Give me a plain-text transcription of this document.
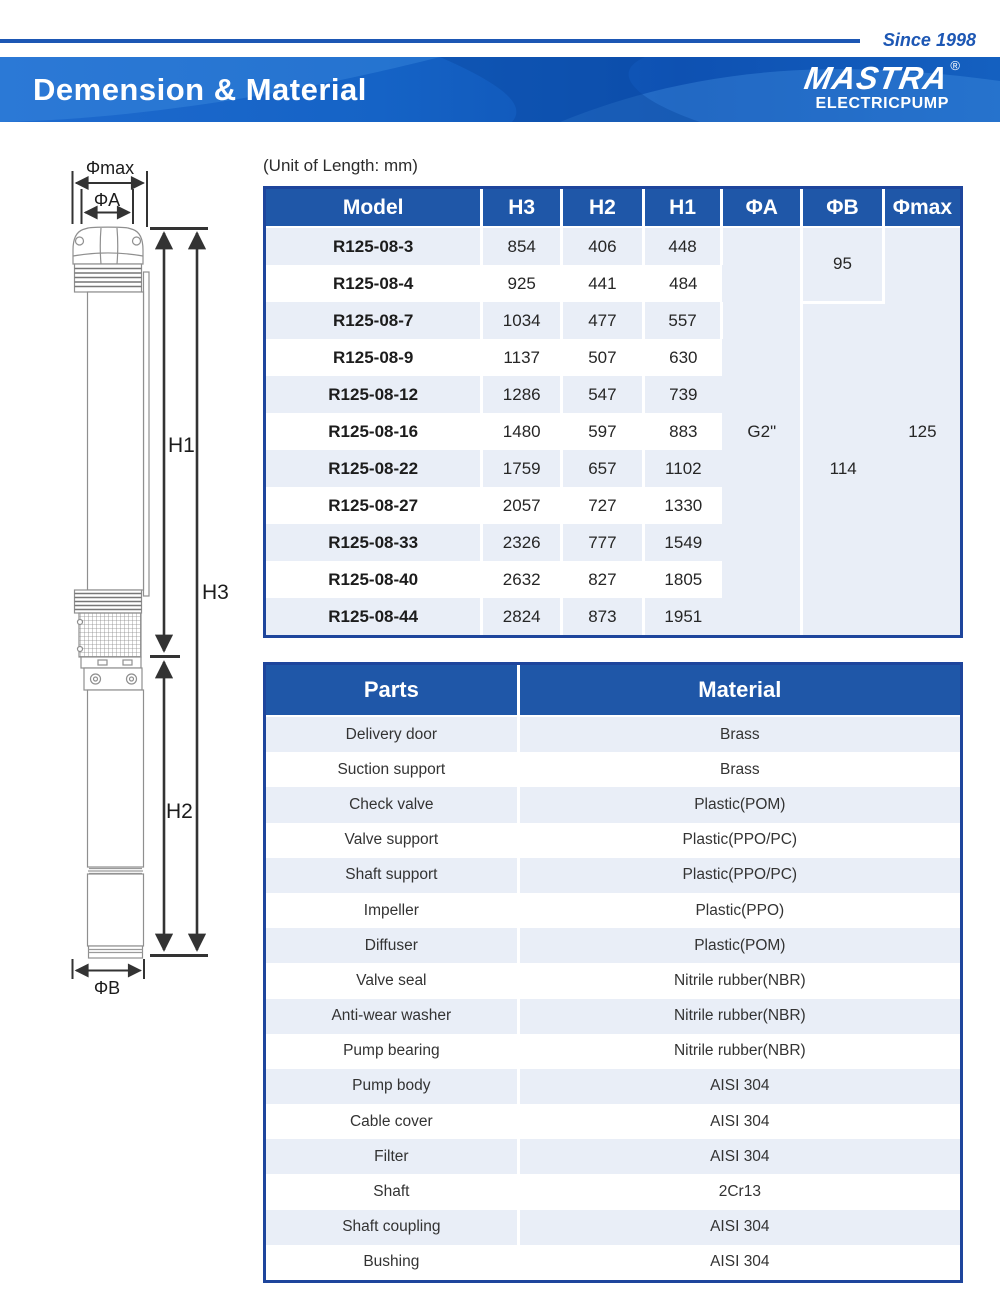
Since 1998
Demension & Material	MASTRA®
ELECTRICPUMP
Φmax
ΦA
H1
H3
H2
ΦB
(Unit of Length: mm)
Model	H3	H2	H1	ΦA	ΦB	Φmax
R125-08-3	854	406	448	G2"	95	125
R125-08-4	925	441	484			
R125-08-7	1034	477	557		114	
R125-08-9	1137	507	630			
R125-08-12	1286	547	739			
R125-08-16	1480	597	883			
R125-08-22	1759	657	1102			
R125-08-27	2057	727	1330			
R125-08-33	2326	777	1549			
R125-08-40	2632	827	1805			
R125-08-44	2824	873	1951			
Parts	Material
Delivery door	Brass
Suction support	Brass
Check valve	Plastic(POM)
Valve support	Plastic(PPO/PC)
Shaft support	Plastic(PPO/PC)
Impeller	Plastic(PPO)
Diffuser	Plastic(POM)
Valve seal	Nitrile rubber(NBR)
Anti-wear washer	Nitrile rubber(NBR)
Pump bearing	Nitrile rubber(NBR)
Pump body	AISI 304
Cable cover	AISI 304
Filter	AISI 304
Shaft	2Cr13
Shaft coupling	AISI 304
Bushing	AISI 304
